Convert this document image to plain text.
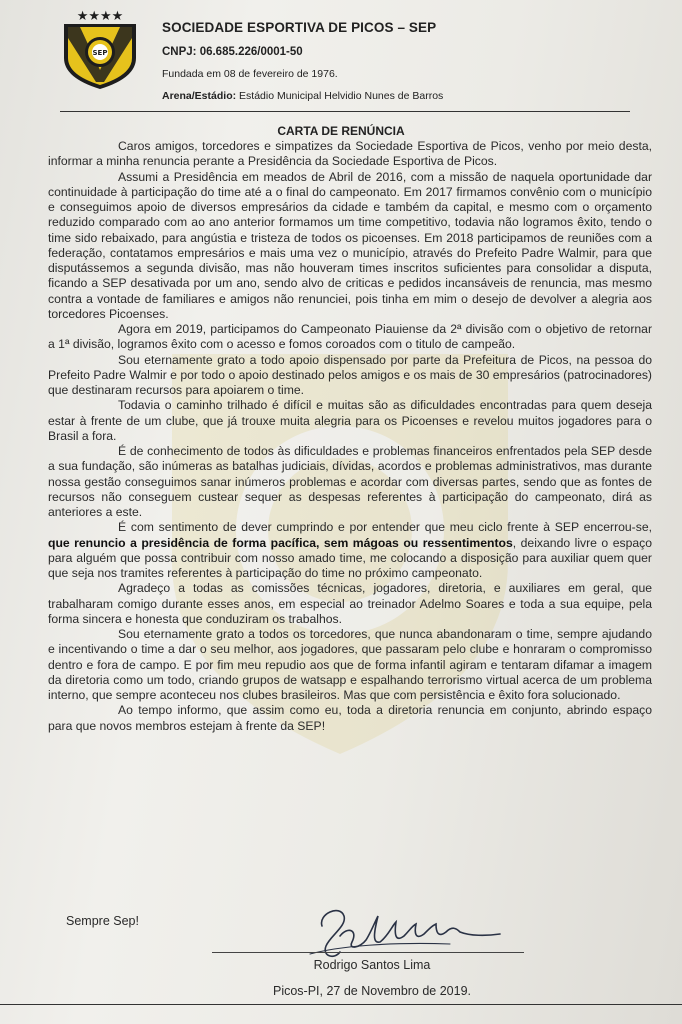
★★★★
SEP
SOCIEDADE ESPORTIVA DE PICOS – SEP
CNPJ: 06.685.226/0001-50
Fundada em 08 de fevereiro de 1976.
Arena/Estádio: Estádio Municipal Helvidio Nunes de Barros
CARTA DE RENÚNCIA

Caros amigos, torcedores e simpatizes da Sociedade Esportiva de Picos, venho por meio desta, informar a minha renuncia perante a Presidência da Sociedade Esportiva de Picos.

Assumi a Presidência em meados de Abril de 2016, com a missão de naquela oportunidade dar continuidade à participação do time até a o final do campeonato. Em 2017 firmamos convênio com o município e conseguimos apoio de diversos empresários da cidade e também da capital, e mesmo com o orçamento reduzido comparado com ao ano anterior formamos um time competitivo, todavia não logramos êxito, tendo o time sido rebaixado, para angústia e tristeza de todos os picoenses. Em 2018 participamos de reuniões com a federação, contatamos empresários e mais uma vez o município, através do Prefeito Padre Walmir, para que disputássemos a segunda divisão, mas não houveram times inscritos suficientes para consolidar a disputa, ficando a SEP desativada por um ano, sendo alvo de criticas e pedidos incansáveis de renuncia, mas mesmo contra a vontade de familiares e amigos não renunciei, pois tinha em mim o desejo de devolver a alegria aos torcedores Picoenses.

Agora em 2019, participamos do Campeonato Piauiense da 2ª divisão com o objetivo de retornar a 1ª divisão, logramos êxito com o acesso e fomos coroados com o titulo de campeão.

Sou eternamente grato a todo apoio dispensado por parte da Prefeitura de Picos, na pessoa do Prefeito Padre Walmir e por todo o apoio destinado pelos amigos e os mais de 30 empresários (patrocinadores) que destinaram recursos para apoiarem o time.

Todavia o caminho trilhado é difícil e muitas são as dificuldades encontradas para quem deseja estar à frente de um clube, que já trouxe muita alegria para os Picoenses e revelou muitos jogadores para o Brasil a fora.

É de conhecimento de todos às dificuldades e problemas financeiros enfrentados pela SEP desde a sua fundação, são inúmeras as batalhas judiciais, dívidas, acordos e problemas administrativos, mas durante nossa gestão conseguimos sanar inúmeros problemas e acordar com diversas partes, sendo que as fontes de recursos não conseguem custear sequer as despesas referentes à participação do campeonato, dirá as anteriores a este.

É com sentimento de dever cumprindo e por entender que meu ciclo frente à SEP encerrou-se, que renuncio a presidência de forma pacífica, sem mágoas ou ressentimentos, deixando livre o espaço para alguém que possa contribuir com nosso amado time, me colocando a disposição para auxiliar quem quer que seja nos tramites referentes à participação do time no próximo campeonato.

Agradeço a todas as comissões técnicas, jogadores, diretoria, e auxiliares em geral, que trabalharam comigo durante esses anos, em especial ao treinador Adelmo Soares e toda a sua equipe, pela forma sincera e honesta que conduziram os trabalhos.

Sou eternamente grato a todos os torcedores, que nunca abandonaram o time, sempre ajudando e incentivando o time a dar o seu melhor, aos jogadores, que passaram pelo clube e honraram o compromisso dentro e fora de campo. E por fim meu repudio aos que de forma infantil agiram e tentaram difamar a imagem da diretoria como um todo, criando grupos de watsapp e espalhando terrorismo virtual acerca de um problema interno, que sempre aconteceu nos clubes brasileiros. Mas que com persistência e êxito fora solucionado.

Ao tempo informo, que assim como eu, toda a diretoria renuncia em conjunto, abrindo espaço para que novos membros estejam à frente da SEP!

Sempre Sep!
Rodrigo Santos Lima
Picos-PI, 27 de Novembro de 2019.
